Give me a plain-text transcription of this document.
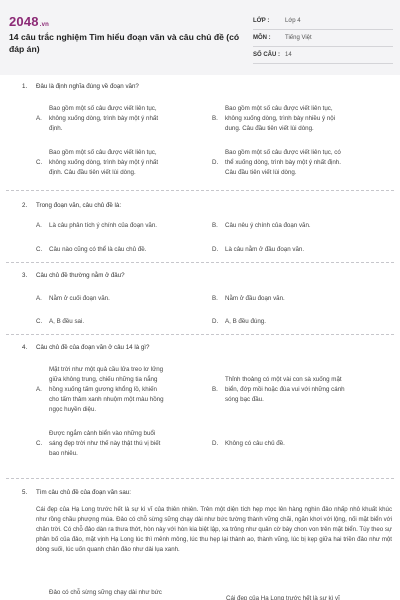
2048.vn
14 câu trắc nghiệm Tìm hiểu đoạn văn và câu chủ đề (có đáp án)
LỚP :	Lớp 4
MÔN :	Tiếng Việt
SỐ CÂU : 14
1.	Đâu là định nghĩa đúng về đoạn văn?
A.
Bao gồm một số câu được viết liên tục,
không xuống dòng, trình bày một ý nhất
định.
B.
Bao gồm một số câu được viết liên tục,
không xuống dòng, trình bày nhiều ý nội
dung. Câu đầu tiên viết lùi dòng.
C.
Bao gồm một số câu được viết liên tục,
không xuống dòng, trình bày một ý nhất
định. Câu đầu tiên viết lùi dòng.
D.
Bao gồm một số câu được viết liên tục, có
thể xuống dòng, trình bày một ý nhất định.
Câu đầu tiên viết lùi dòng.
2.	Trong đoạn văn, câu chủ đề là:
A.	Là câu phân tích ý chính của đoạn văn.	B.	Câu nêu ý chính của đoạn văn.
C.	Câu nào cũng có thể là câu chủ đề.	D.	Là câu nằm ở đầu đoạn văn.
3.	Câu chủ đề thường nằm ở đâu?
A.	Nằm ở cuối đoạn văn.	B.	Nằm ở đầu đoạn văn.
C.	A, B đều sai.	D.	A, B đều đúng.
4.	Câu chủ đề của đoạn văn ở câu 14 là gì?
A.
Mặt trời như một quả cầu lửa treo lơ lửng
giữa không trung, chiếu những tia nắng
hồng xuống tấm gương khổng lồ, khiến
cho tấm thảm xanh nhuộm một màu hồng
ngọc huyền diệu.
B.
Thỉnh thoảng có một vài con sà xuống mặt
biển, đớp mồi hoặc đùa vui với những cánh
sóng bạc đầu.
C.
Được ngắm cảnh biển vào những buổi
sáng đẹp trời như thế này thật thú vị biết
bao nhiêu.
D.	Không có câu chủ đề.
5.	Tìm câu chủ đề của đoạn văn sau:
Cái đẹp của Hạ Long trước hết là sự kì vĩ của thiên nhiên. Trên một diện tích hẹp mọc lên hàng nghìn đảo nhấp nhô khuất khúc như rồng chầu phượng múa. Đảo có chỗ sừng sững chạy dài như bức tường thành vững chãi, ngăn khơi với lộng, nối mặt biển với chân trời. Có chỗ đảo dàn ra thưa thớt, hòn này với hòn kia biệt lập, xa trông như quân cờ bày chon von trên mặt biển. Tùy theo sự phân bố của đảo, mặt vịnh Hạ Long lúc thì mênh mông, lúc thu hẹp lại thành ao, thành vũng, lúc bị kẹp giữa hai triền đảo như một dòng suối, lúc uốn quanh chân đảo như dải lụa xanh.
Đảo có chỗ sừng sững chạy dài như bức
Cái đẹp của Hạ Long trước hết là sự kì vĩ
